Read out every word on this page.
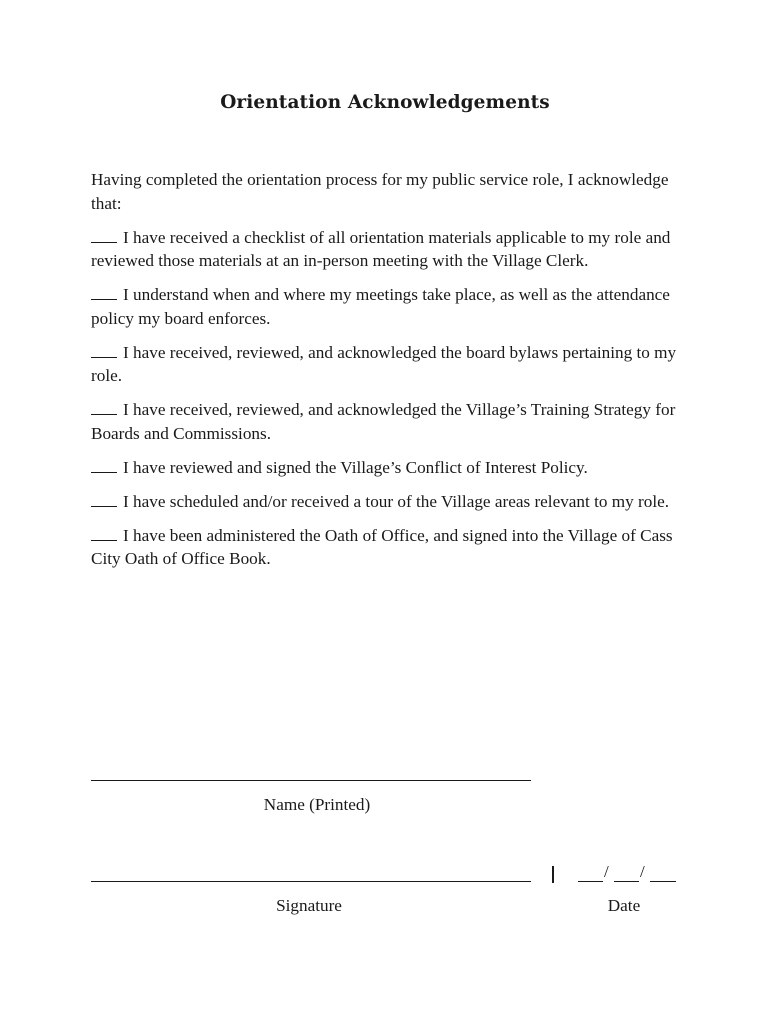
Orientation Acknowledgements

Having completed the orientation process for my public service role, I acknowledge that:

I have received a checklist of all orientation materials applicable to my role and reviewed those materials at an in-person meeting with the Village Clerk.

I understand when and where my meetings take place, as well as the attendance policy my board enforces.

I have received, reviewed, and acknowledged the board bylaws pertaining to my role.

I have received, reviewed, and acknowledged the Village’s Training Strategy for Boards and Commissions.

I have reviewed and signed the Village’s Conflict of Interest Policy.

I have scheduled and/or received a tour of the Village areas relevant to my role.

I have been administered the Oath of Office, and signed into the Village of Cass City Oath of Office Book.

Name (Printed)
Signature
/ /
Date
